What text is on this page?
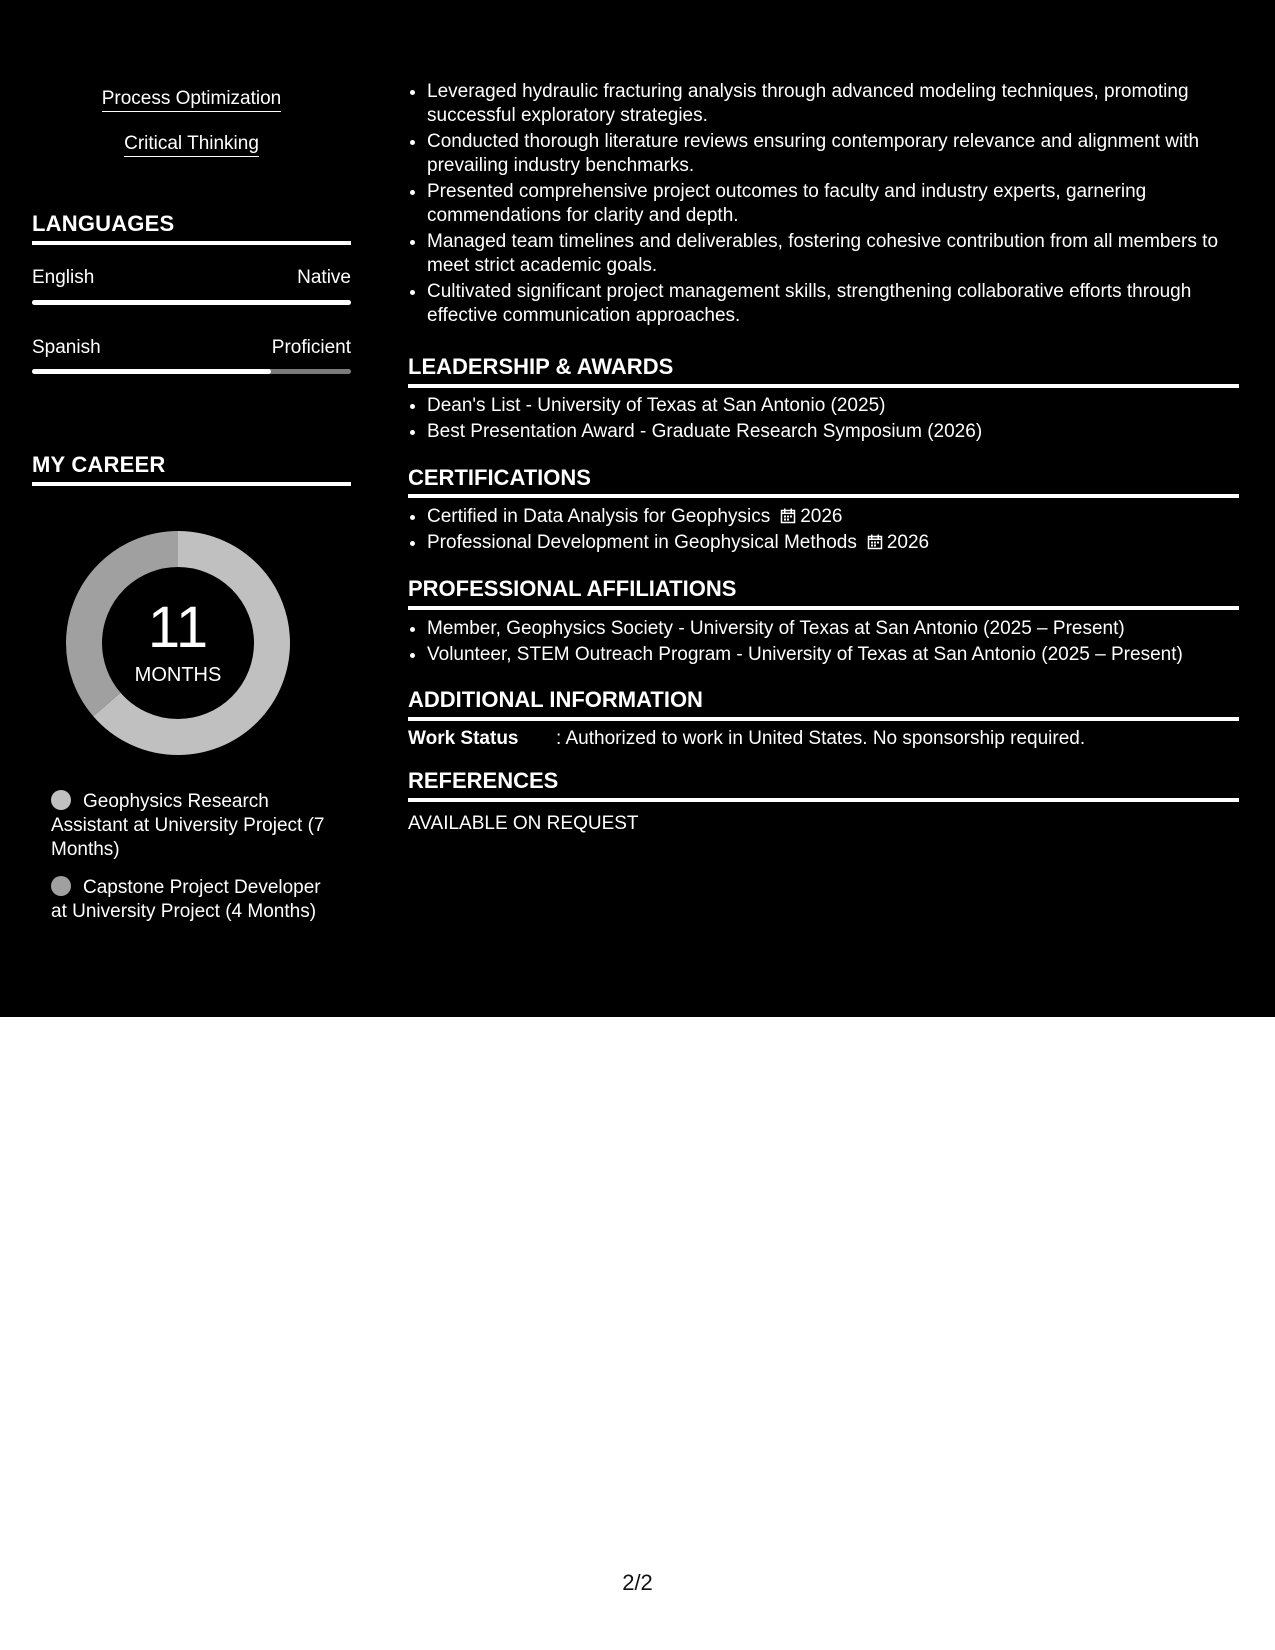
Process Optimization
Critical Thinking
LANGUAGES
English	Native
Spanish	Proficient
MY CAREER
11
MONTHS
Geophysics Research Assistant at University Project (7 Months)
Capstone Project Developer at University Project (4 Months)
• Leveraged hydraulic fracturing analysis through advanced modeling techniques, promoting successful exploratory strategies.
• Conducted thorough literature reviews ensuring contemporary relevance and alignment with prevailing industry benchmarks.
• Presented comprehensive project outcomes to faculty and industry experts, garnering commendations for clarity and depth.
• Managed team timelines and deliverables, fostering cohesive contribution from all members to meet strict academic goals.
• Cultivated significant project management skills, strengthening collaborative efforts through effective communication approaches.
LEADERSHIP & AWARDS
• Dean's List - University of Texas at San Antonio (2025)
• Best Presentation Award - Graduate Research Symposium (2026)
CERTIFICATIONS
• Certified in Data Analysis for Geophysics 2026
• Professional Development in Geophysical Methods 2026
PROFESSIONAL AFFILIATIONS
• Member, Geophysics Society - University of Texas at San Antonio (2025 – Present)
• Volunteer, STEM Outreach Program - University of Texas at San Antonio (2025 – Present)
ADDITIONAL INFORMATION
Work Status : Authorized to work in United States. No sponsorship required.
REFERENCES
AVAILABLE ON REQUEST
2/2
